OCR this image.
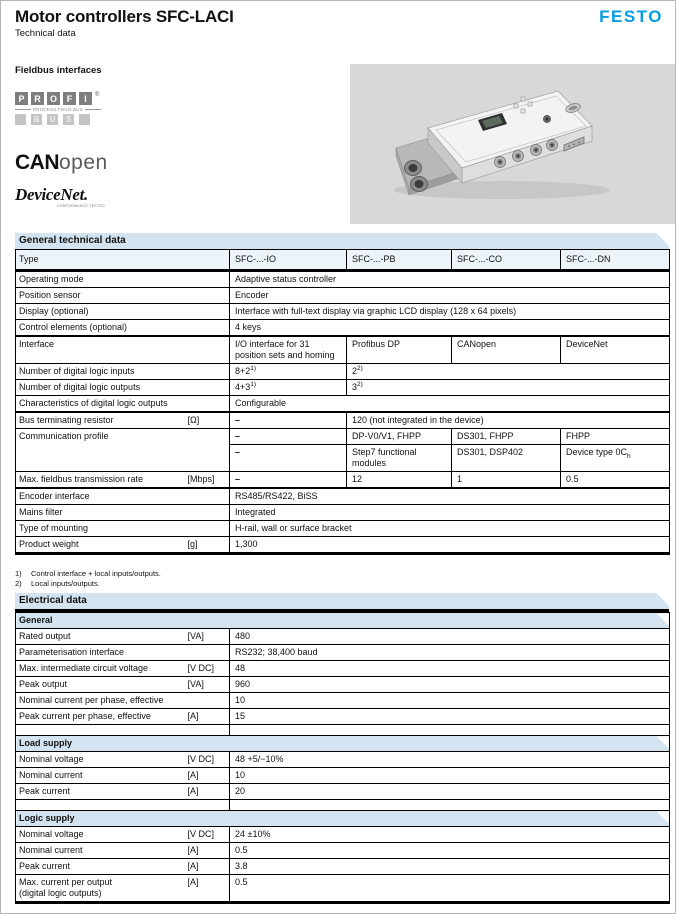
Motor controllers SFC-LACI
Technical data
FESTO
Fieldbus interfaces
P	R	O	F	I	®
PROCESS FIELD BUS
B	U	S
CANopen
DeviceNet.
CONFORMANCE TESTED
General technical data
Type		SFC-...-IO	SFC-...-PB	SFC-...-CO	SFC-...-DN
Operating mode		Adaptive status controller			
Position sensor		Encoder			
Display (optional)		Interface with full-text display via graphic LCD display (128 x 64 pixels)			
Control elements (optional)		4 keys			
Interface		I/O interface for 31 position sets and homing	Profibus DP	CANopen	DeviceNet
Number of digital logic inputs		$8+2^{1)}$	2$^{2)}$
Number of digital logic outputs		$4+3^{1)}$	3$^{2)}$
Characteristics of digital logic outputs		Configurable			
Bus terminating resistor	[Ω]	–	120 (not integrated in the device)		
Communication profile		–	DP-V0/V1, FHPP	DS301, FHPP	FHPP
		–	Step7 functional modules	DS301, DSP402	Device type $0C_h$
Max. fieldbus transmission rate	[Mbps]	–	12	1	0.5
Encoder interface		RS485/RS422, BiSS			
Mains filter		Integrated			
Type of mounting		H-rail, wall or surface bracket			
Product weight	[g]	1,300			
1)	Control interface + local inputs/outputs.
2)	Local inputs/outputs.
Electrical data
General		
Rated output	[VA]	480
Parameterisation interface		RS232; 38,400 baud
Max. intermediate circuit voltage	[V DC]	48
Peak output	[VA]	960
Nominal current per phase, effective		10
Peak current per phase, effective	[A]	15

Load supply		
Nominal voltage	[V DC]	48 +5/−10%
Nominal current	[A]	10
Peak current	[A]	20

Logic supply		
Nominal voltage	[V DC]	24 ±10%
Nominal current	[A]	0.5
Peak current	[A]	3.8

Max. current per output
(digital logic outputs)	[A]	0.5
